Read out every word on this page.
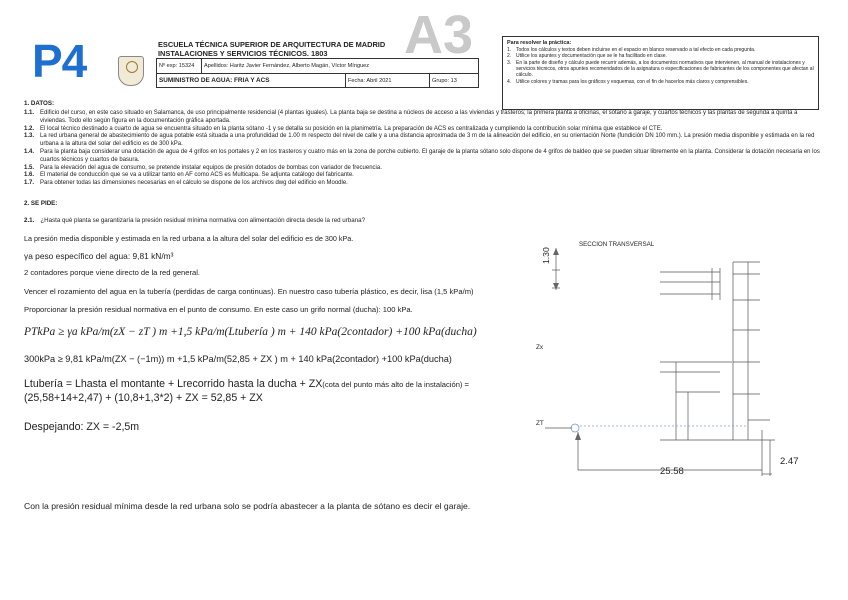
P4	ESCUELA TÉCNICA SUPERIOR DE ARQUITECTURA DE MADRID
INSTALACIONES Y SERVICIOS TÉCNICOS. 1803 A3
Nº exp: 15324	Apellidos: Haritz Javier Fernández, Alberto Magán, Víctor Mínguez
SUMINISTRO DE AGUA: FRIA Y ACS	Fecha: Abril 2021	Grupo: 13
Para resolver la práctica:
1. Todos los cálculos y textos deben incluirse en el espacio en blanco reservado a tal efecto en cada pregunta.
2. Utilice los apuntes y documentación que se le ha facilitado en clase.
3. En la parte de diseño y cálculo puede recurrir además, a los documentos normativos que intervienen, al manual de instalaciones y servicios técnicos, otros apuntes recomendados de la asignatura o especificaciones de fabricantes de los componentes que afectan al cálculo.
4. Utilice colores y tramas para los gráficos y esquemas, con el fin de hacerlos más claros y comprensibles.
1. DATOS:
1.1. Edificio del curso, en este caso situado en Salamanca, de uso principalmente residencial (4 plantas iguales). La planta baja se destina a núcleos de acceso a las viviendas y trasteros; la primera planta a oficinas, el sótano a garaje, y cuartos técnicos y las plantas de segunda a quinta a viviendas. Todo ello según figura en la documentación gráfica aportada.
1.2. El local técnico destinado a cuarto de agua se encuentra situado en la planta sótano -1 y se detalla su posición en la planimetría. La preparación de ACS es centralizada y cumpliendo la contribución solar mínima que establece el CTE.
1.3. La red urbana general de abastecimiento de agua potable está situada a una profundidad de 1.00 m respecto del nivel de calle y a una distancia aproximada de 3 m de la alineación del edificio, en su orientación Norte (fundición DN 100 mm.). La presión media disponible y estimada en la red urbana a la altura del solar del edificio es de 300 kPa.
1.4. Para la planta baja considerar una dotación de agua de 4 grifos en los portales y 2 en los trasteros y cuatro más en la zona de porche cubierto. El garaje de la planta sótano solo dispone de 4 grifos de baldeo que se pueden situar libremente en la planta. Considerar la dotación necesaria en los cuartos técnicos y cuartos de basura.
1.5. Para la elevación del agua de consumo, se pretende instalar equipos de presión dotados de bombas con variador de frecuencia.
1.6. El material de conducción que se va a utilizar tanto en AF como ACS es Multicapa. Se adjunta catálogo del fabricante.
1.7. Para obtener todas las dimensiones necesarias en el cálculo se dispone de los archivos dwg del edificio en Moodle.
2. SE PIDE:
2.1. ¿Hasta qué planta se garantizaría la presión residual mínima normativa con alimentación directa desde la red urbana?
La presión media disponible y estimada en la red urbana a la altura del solar del edificio es de 300 kPa.
γa peso específico del agua: 9,81 kN/m³
2 contadores porque viene directo de la red general.
Vencer el rozamiento del agua en la tubería (perdidas de carga continuas). En nuestro caso tubería plástico, es decir, lisa (1,5 kPa/m)
Proporcionar la presión residual normativa en el punto de consumo. En este caso un grifo normal (ducha): 100 kPa.
PTkPa ≥ γa kPa/m(zX − zT ) m +1,5 kPa/m(Ltubería ) m + 140 kPa(2contador) +100 kPa(ducha)
300kPa ≥ 9,81 kPa/m(ZX − (−1m)) m +1,5 kPa/m(52,85 + ZX ) m + 140 kPa(2contador) +100 kPa(ducha)
Ltubería = Lhasta el montante + Lrecorrido hasta la ducha + ZX(cota del punto más alto de la instalación) =
(25,58+14+2,47) + (10,8+1,3*2) + ZX = 52,85 + ZX
Despejando: ZX = -2,5m
Con la presión residual mínima desde la red urbana solo se podría abastecer a la planta de sótano es decir el garaje.
SECCION TRANSVERSAL
1.30
Zx
ZT
25.58
2.47
